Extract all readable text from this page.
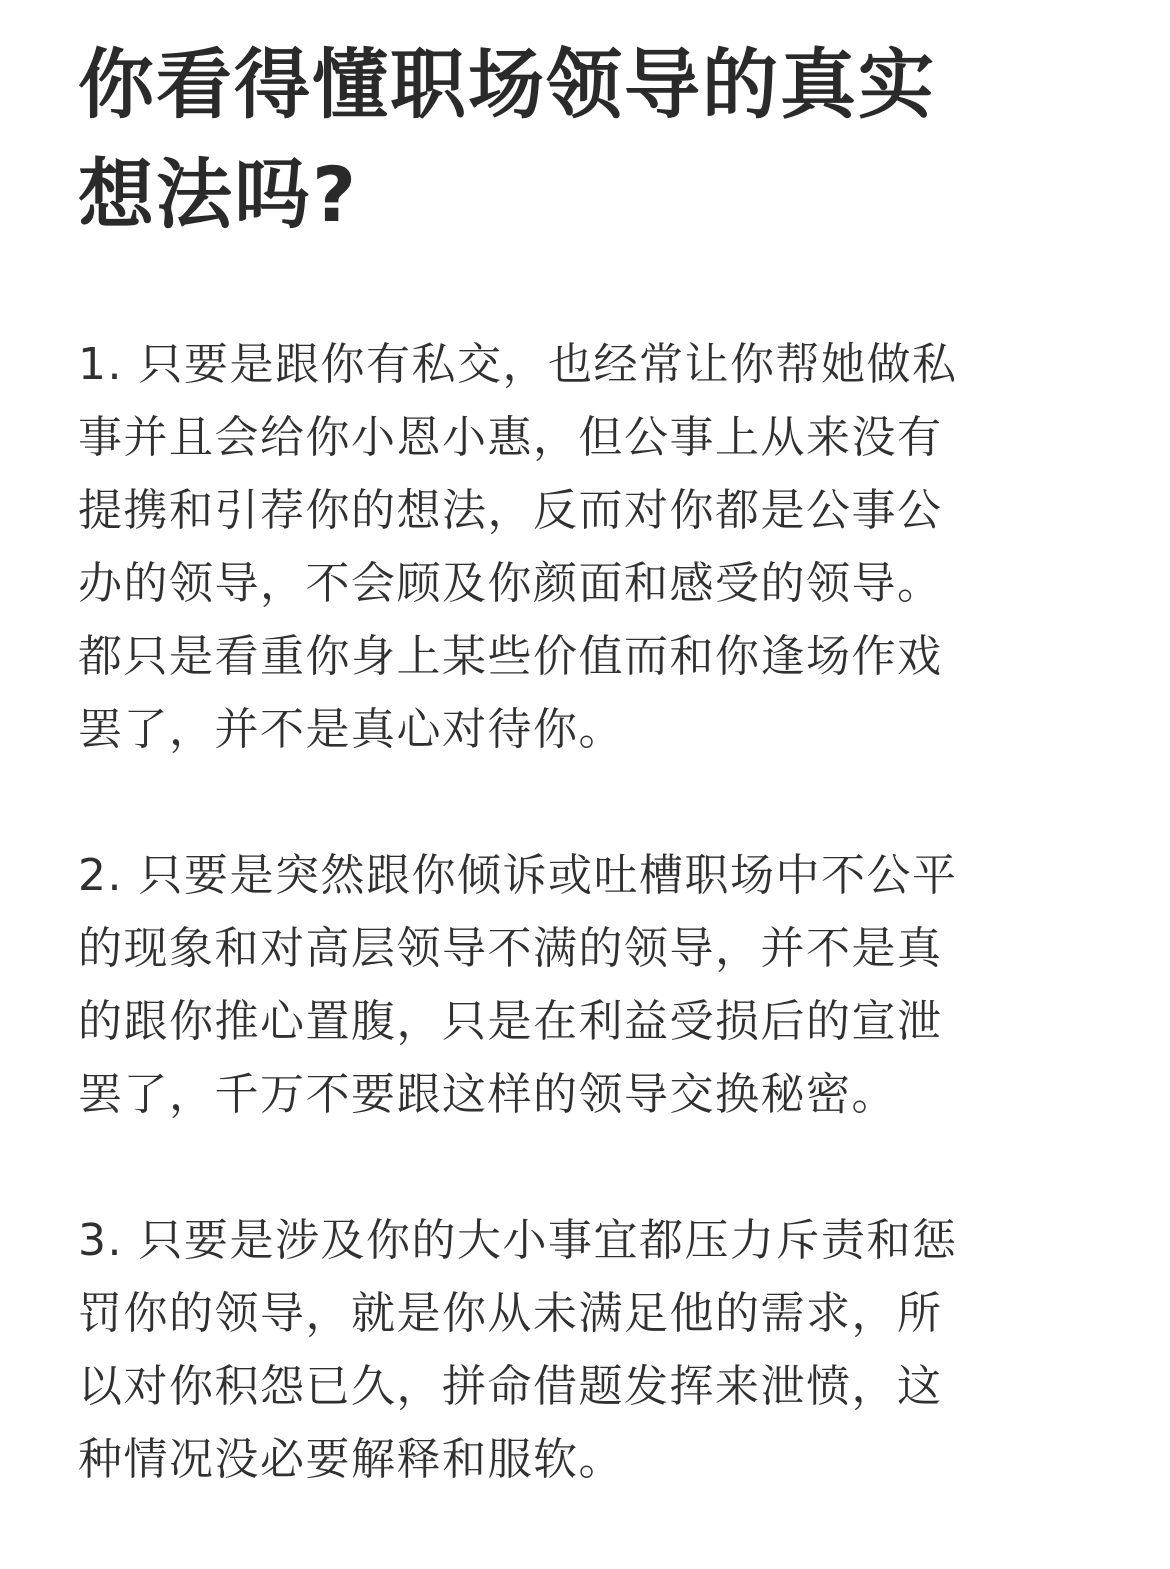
你看得懂职场领导的真实
想法吗?

1. 只要是跟你有私交，也经常让你帮她做私
事并且会给你小恩小惠，但公事上从来没有
提携和引荐你的想法，反而对你都是公事公
办的领导，不会顾及你颜面和感受的领导。
都只是看重你身上某些价值而和你逢场作戏
罢了，并不是真心对待你。

2. 只要是突然跟你倾诉或吐槽职场中不公平
的现象和对高层领导不满的领导，并不是真
的跟你推心置腹，只是在利益受损后的宣泄
罢了，千万不要跟这样的领导交换秘密。

3. 只要是涉及你的大小事宜都压力斥责和惩
罚你的领导，就是你从未满足他的需求，所
以对你积怨已久，拼命借题发挥来泄愤，这
种情况没必要解释和服软。
